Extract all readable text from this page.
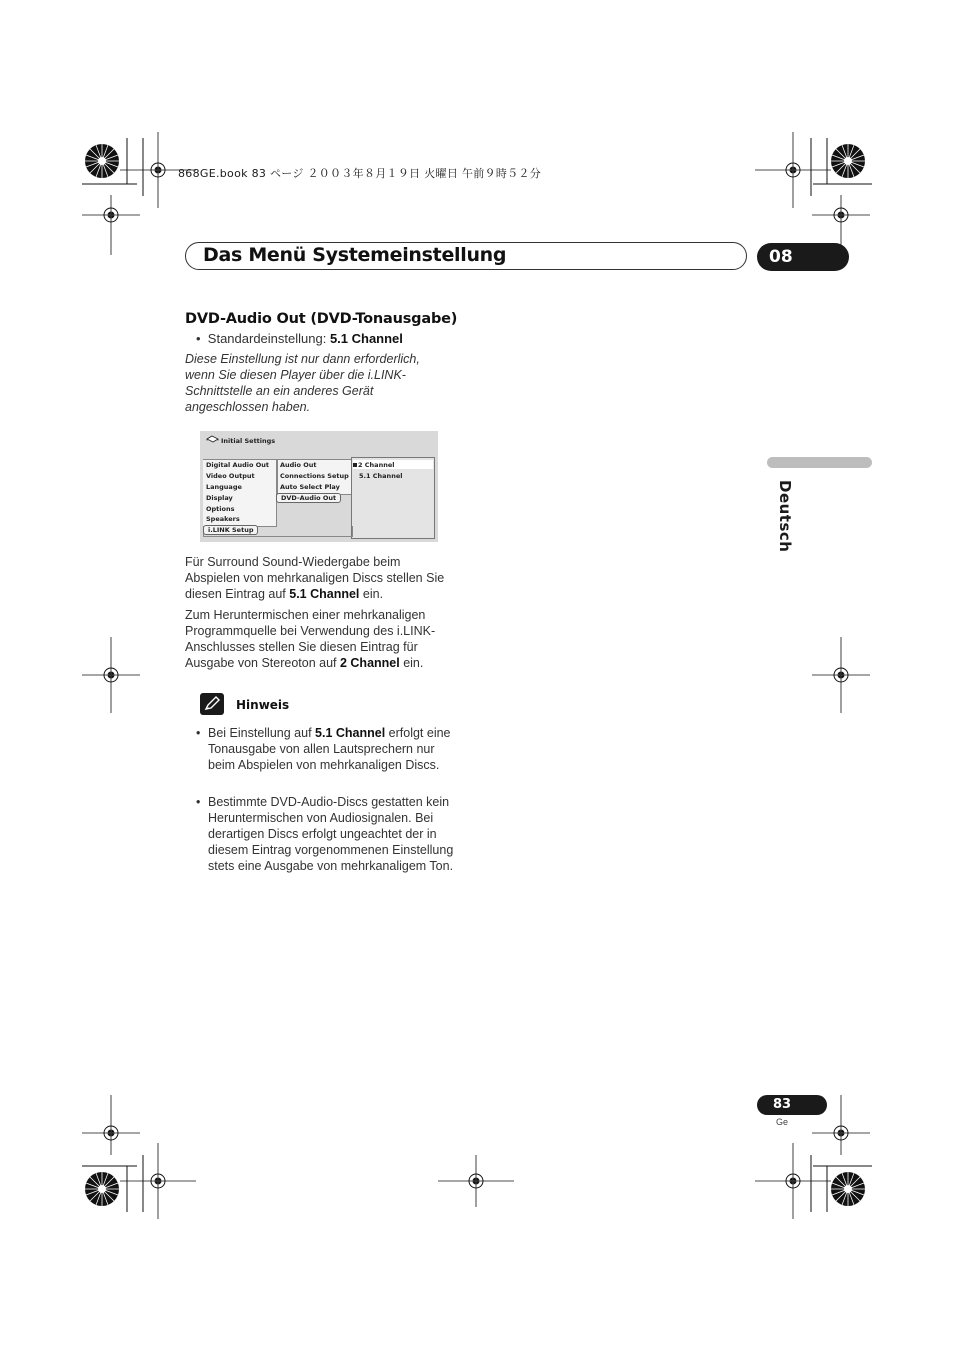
868GE.book 83 ページ ２００３年８月１９日 火曜日 午前９時５２分
Das Menü Systemeinstellung	08
Deutsch
DVD-Audio Out (DVD-Tonausgabe)
•  Standardeinstellung: 5.1 Channel
Diese Einstellung ist nur dann erforderlich, wenn Sie diesen Player über die i.LINK-Schnittstelle an ein anderes Gerät angeschlossen haben.
Initial Settings
Digital Audio Out
Video Output
Language
Display
Options
Speakers
i.LINK Setup
Audio Out
Connections Setup
Auto Select Play
DVD-Audio Out
2 Channel
5.1 Channel
Für Surround Sound-Wiedergabe beim Abspielen von mehrkanaligen Discs stellen Sie diesen Eintrag auf 5.1 Channel ein.
Zum Heruntermischen einer mehrkanaligen Programmquelle bei Verwendung des i.LINK-Anschlusses stellen Sie diesen Eintrag für Ausgabe von Stereoton auf 2 Channel ein.
Hinweis
• Bei Einstellung auf 5.1 Channel erfolgt eine Tonausgabe von allen Lautsprechern nur beim Abspielen von mehrkanaligen Discs.
• Bestimmte DVD-Audio-Discs gestatten kein Heruntermischen von Audiosignalen. Bei derartigen Discs erfolgt ungeachtet der in diesem Eintrag vorgenommenen Einstellung stets eine Ausgabe von mehrkanaligem Ton.
83
Ge
